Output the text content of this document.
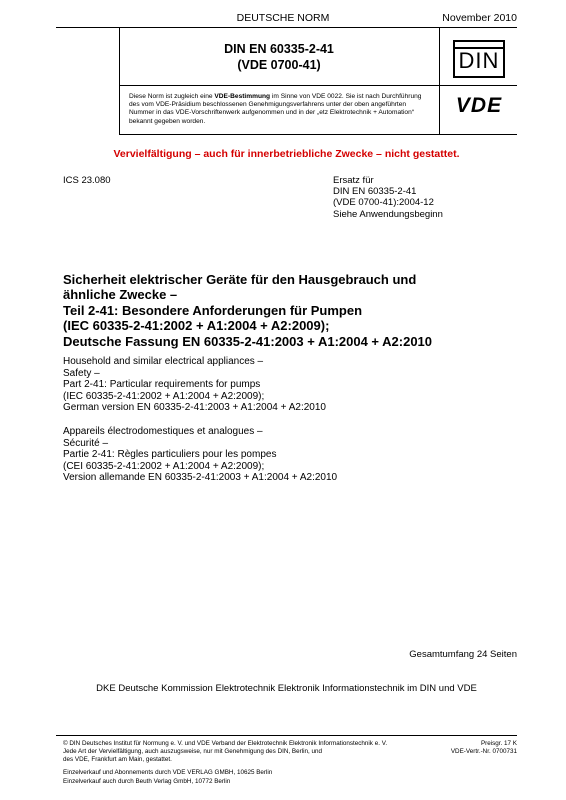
DEUTSCHE NORM	November 2010
DIN EN 60335-2-41
(VDE 0700-41)	DIN
Diese Norm ist zugleich eine VDE-Bestimmung im Sinne von VDE 0022. Sie ist nach Durchführung des vom VDE-Präsidium beschlossenen Genehmigungsverfahrens unter der oben angeführten Nummer in das VDE-Vorschriftenwerk aufgenommen und in der „etz Elektrotechnik + Automation“ bekannt gegeben worden.
VDE
Vervielfältigung – auch für innerbetriebliche Zwecke – nicht gestattet.
ICS 23.080	Ersatz für
DIN EN 60335-2-41
(VDE 0700-41):2004-12
Siehe Anwendungsbeginn
Sicherheit elektrischer Geräte für den Hausgebrauch und
ähnliche Zwecke –
Teil 2-41: Besondere Anforderungen für Pumpen
(IEC 60335-2-41:2002 + A1:2004 + A2:2009);
Deutsche Fassung EN 60335-2-41:2003 + A1:2004 + A2:2010
Household and similar electrical appliances –
Safety –
Part 2-41: Particular requirements for pumps
(IEC 60335-2-41:2002 + A1:2004 + A2:2009);
German version EN 60335-2-41:2003 + A1:2004 + A2:2010
Appareils électrodomestiques et analogues –
Sécurité –
Partie 2-41: Règles particuliers pour les pompes
(CEI 60335-2-41:2002 + A1:2004 + A2:2009);
Version allemande EN 60335-2-41:2003 + A1:2004 + A2:2010
Gesamtumfang 24 Seiten
DKE Deutsche Kommission Elektrotechnik Elektronik Informationstechnik im DIN und VDE
© DIN Deutsches Institut für Normung e. V. und VDE Verband der Elektrotechnik Elektronik Informationstechnik e. V.
Jede Art der Vervielfältigung, auch auszugsweise, nur mit Genehmigung des DIN, Berlin, und
des VDE, Frankfurt am Main, gestattet.
Preisgr. 17 K
VDE-Vertr.-Nr. 0700731
Einzelverkauf und Abonnements durch VDE VERLAG GMBH, 10625 Berlin
Einzelverkauf auch durch Beuth Verlag GmbH, 10772 Berlin
